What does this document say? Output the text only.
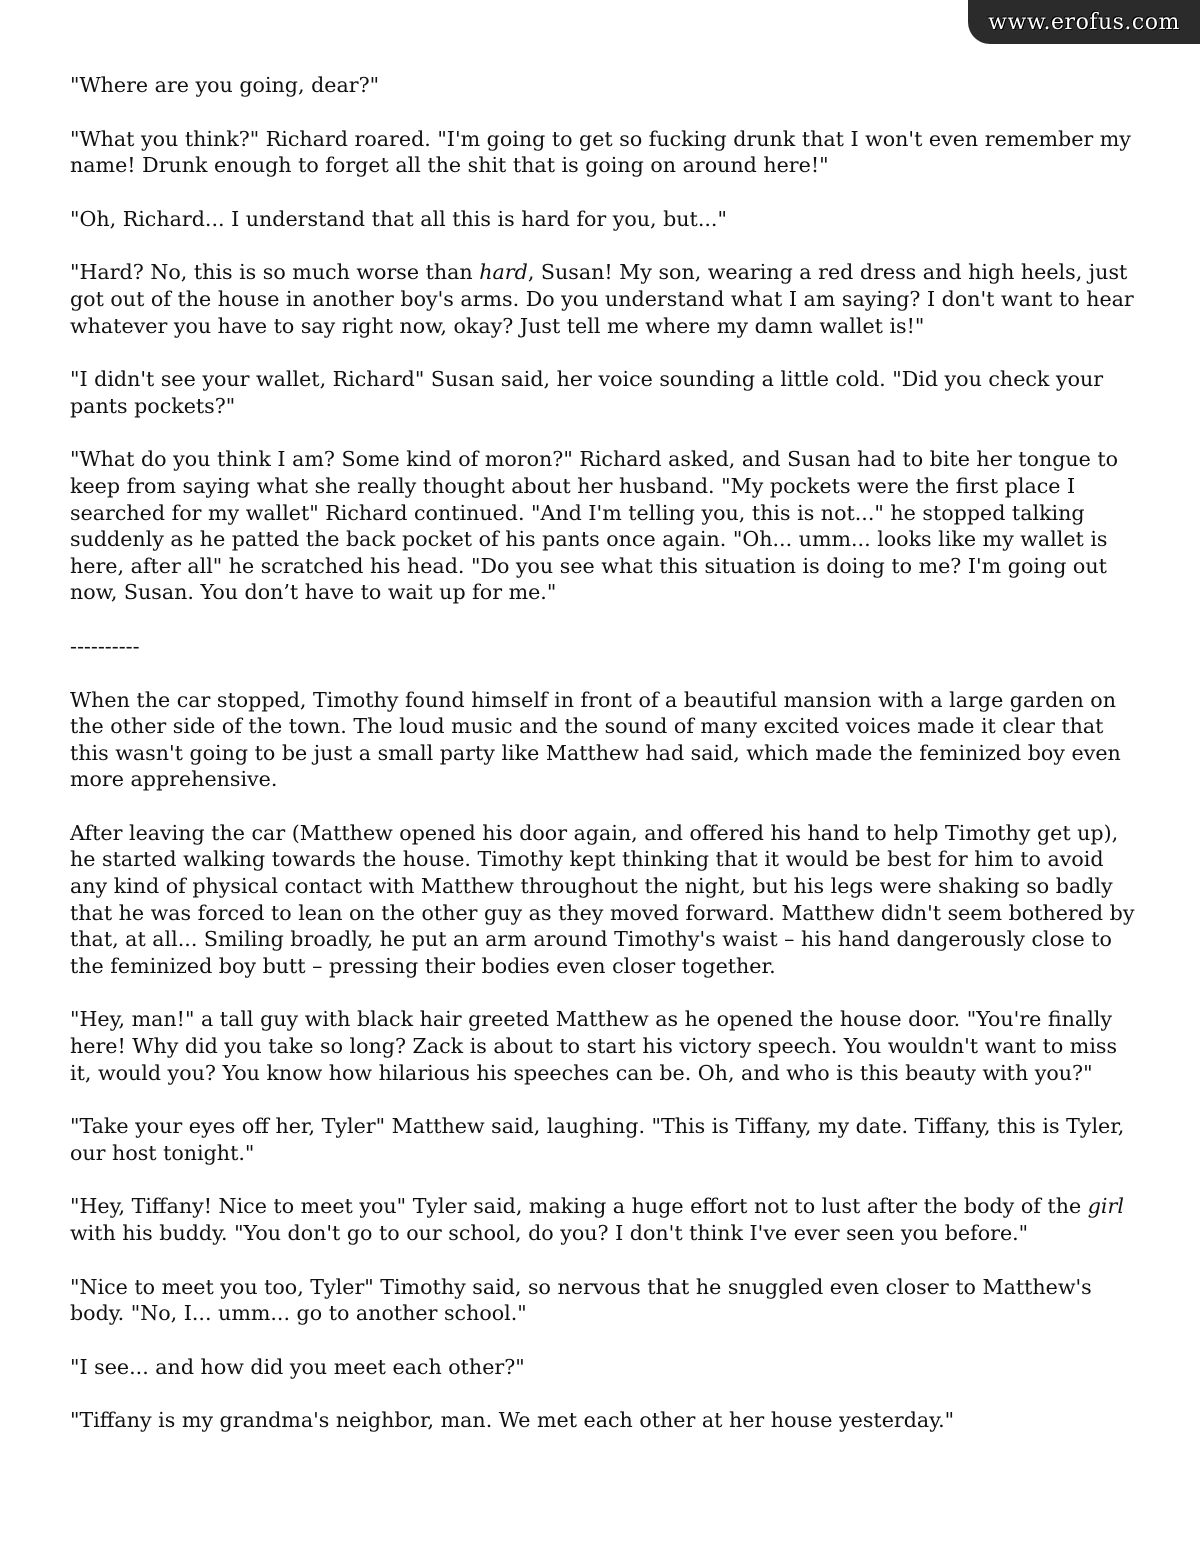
www.erofus.com

"Where are you going, dear?"

"What you think?" Richard roared. "I'm going to get so fucking drunk that I won't even remember my name! Drunk enough to forget all the shit that is going on around here!"

"Oh, Richard... I understand that all this is hard for you, but..."

"Hard? No, this is so much worse than hard, Susan! My son, wearing a red dress and high heels, just got out of the house in another boy's arms. Do you understand what I am saying? I don't want to hear whatever you have to say right now, okay? Just tell me where my damn wallet is!"

"I didn't see your wallet, Richard" Susan said, her voice sounding a little cold. "Did you check your pants pockets?"

"What do you think I am? Some kind of moron?" Richard asked, and Susan had to bite her tongue to keep from saying what she really thought about her husband. "My pockets were the first place I searched for my wallet" Richard continued. "And I'm telling you, this is not..." he stopped talking suddenly as he patted the back pocket of his pants once again. "Oh... umm... looks like my wallet is here, after all" he scratched his head. "Do you see what this situation is doing to me? I'm going out now, Susan. You don’t have to wait up for me."

----------

When the car stopped, Timothy found himself in front of a beautiful mansion with a large garden on the other side of the town. The loud music and the sound of many excited voices made it clear that this wasn't going to be just a small party like Matthew had said, which made the feminized boy even more apprehensive.

After leaving the car (Matthew opened his door again, and offered his hand to help Timothy get up), he started walking towards the house. Timothy kept thinking that it would be best for him to avoid any kind of physical contact with Matthew throughout the night, but his legs were shaking so badly that he was forced to lean on the other guy as they moved forward. Matthew didn't seem bothered by that, at all... Smiling broadly, he put an arm around Timothy's waist – his hand dangerously close to the feminized boy butt – pressing their bodies even closer together.

"Hey, man!" a tall guy with black hair greeted Matthew as he opened the house door. "You're finally here! Why did you take so long? Zack is about to start his victory speech. You wouldn't want to miss it, would you? You know how hilarious his speeches can be. Oh, and who is this beauty with you?"

"Take your eyes off her, Tyler" Matthew said, laughing. "This is Tiffany, my date. Tiffany, this is Tyler, our host tonight."

"Hey, Tiffany! Nice to meet you" Tyler said, making a huge effort not to lust after the body of the girl with his buddy. "You don't go to our school, do you? I don't think I've ever seen you before."

"Nice to meet you too, Tyler" Timothy said, so nervous that he snuggled even closer to Matthew's body. "No, I... umm... go to another school."

"I see... and how did you meet each other?"

"Tiffany is my grandma's neighbor, man. We met each other at her house yesterday."
